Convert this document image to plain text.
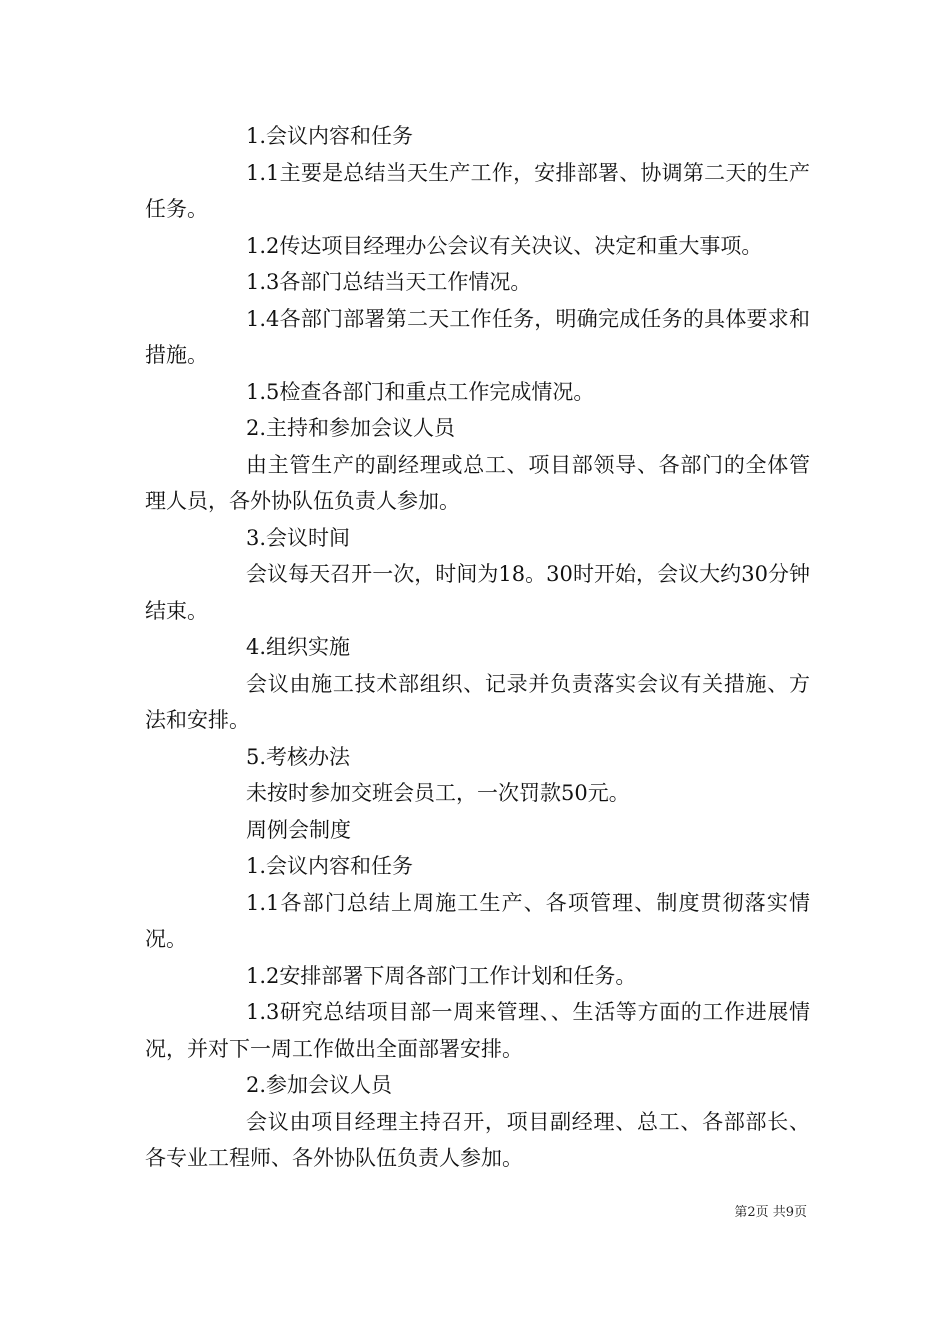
1.会议内容和任务

1.1主要是总结当天生产工作，安排部署、协调第二天的生产任务。

1.2传达项目经理办公会议有关决议、决定和重大事项。

1.3各部门总结当天工作情况。

1.4各部门部署第二天工作任务，明确完成任务的具体要求和措施。

1.5检查各部门和重点工作完成情况。

2.主持和参加会议人员

由主管生产的副经理或总工、项目部领导、各部门的全体管理人员，各外协队伍负责人参加。

3.会议时间

会议每天召开一次，时间为18。30时开始，会议大约30分钟结束。

4.组织实施

会议由施工技术部组织、记录并负责落实会议有关措施、方法和安排。

5.考核办法

未按时参加交班会员工，一次罚款50元。

周例会制度

1.会议内容和任务

1.1各部门总结上周施工生产、各项管理、制度贯彻落实情况。

1.2安排部署下周各部门工作计划和任务。

1.3研究总结项目部一周来管理、、生活等方面的工作进展情况，并对下一周工作做出全面部署安排。

2.参加会议人员

会议由项目经理主持召开，项目副经理、总工、各部部长、各专业工程师、各外协队伍负责人参加。

第2页 共9页
